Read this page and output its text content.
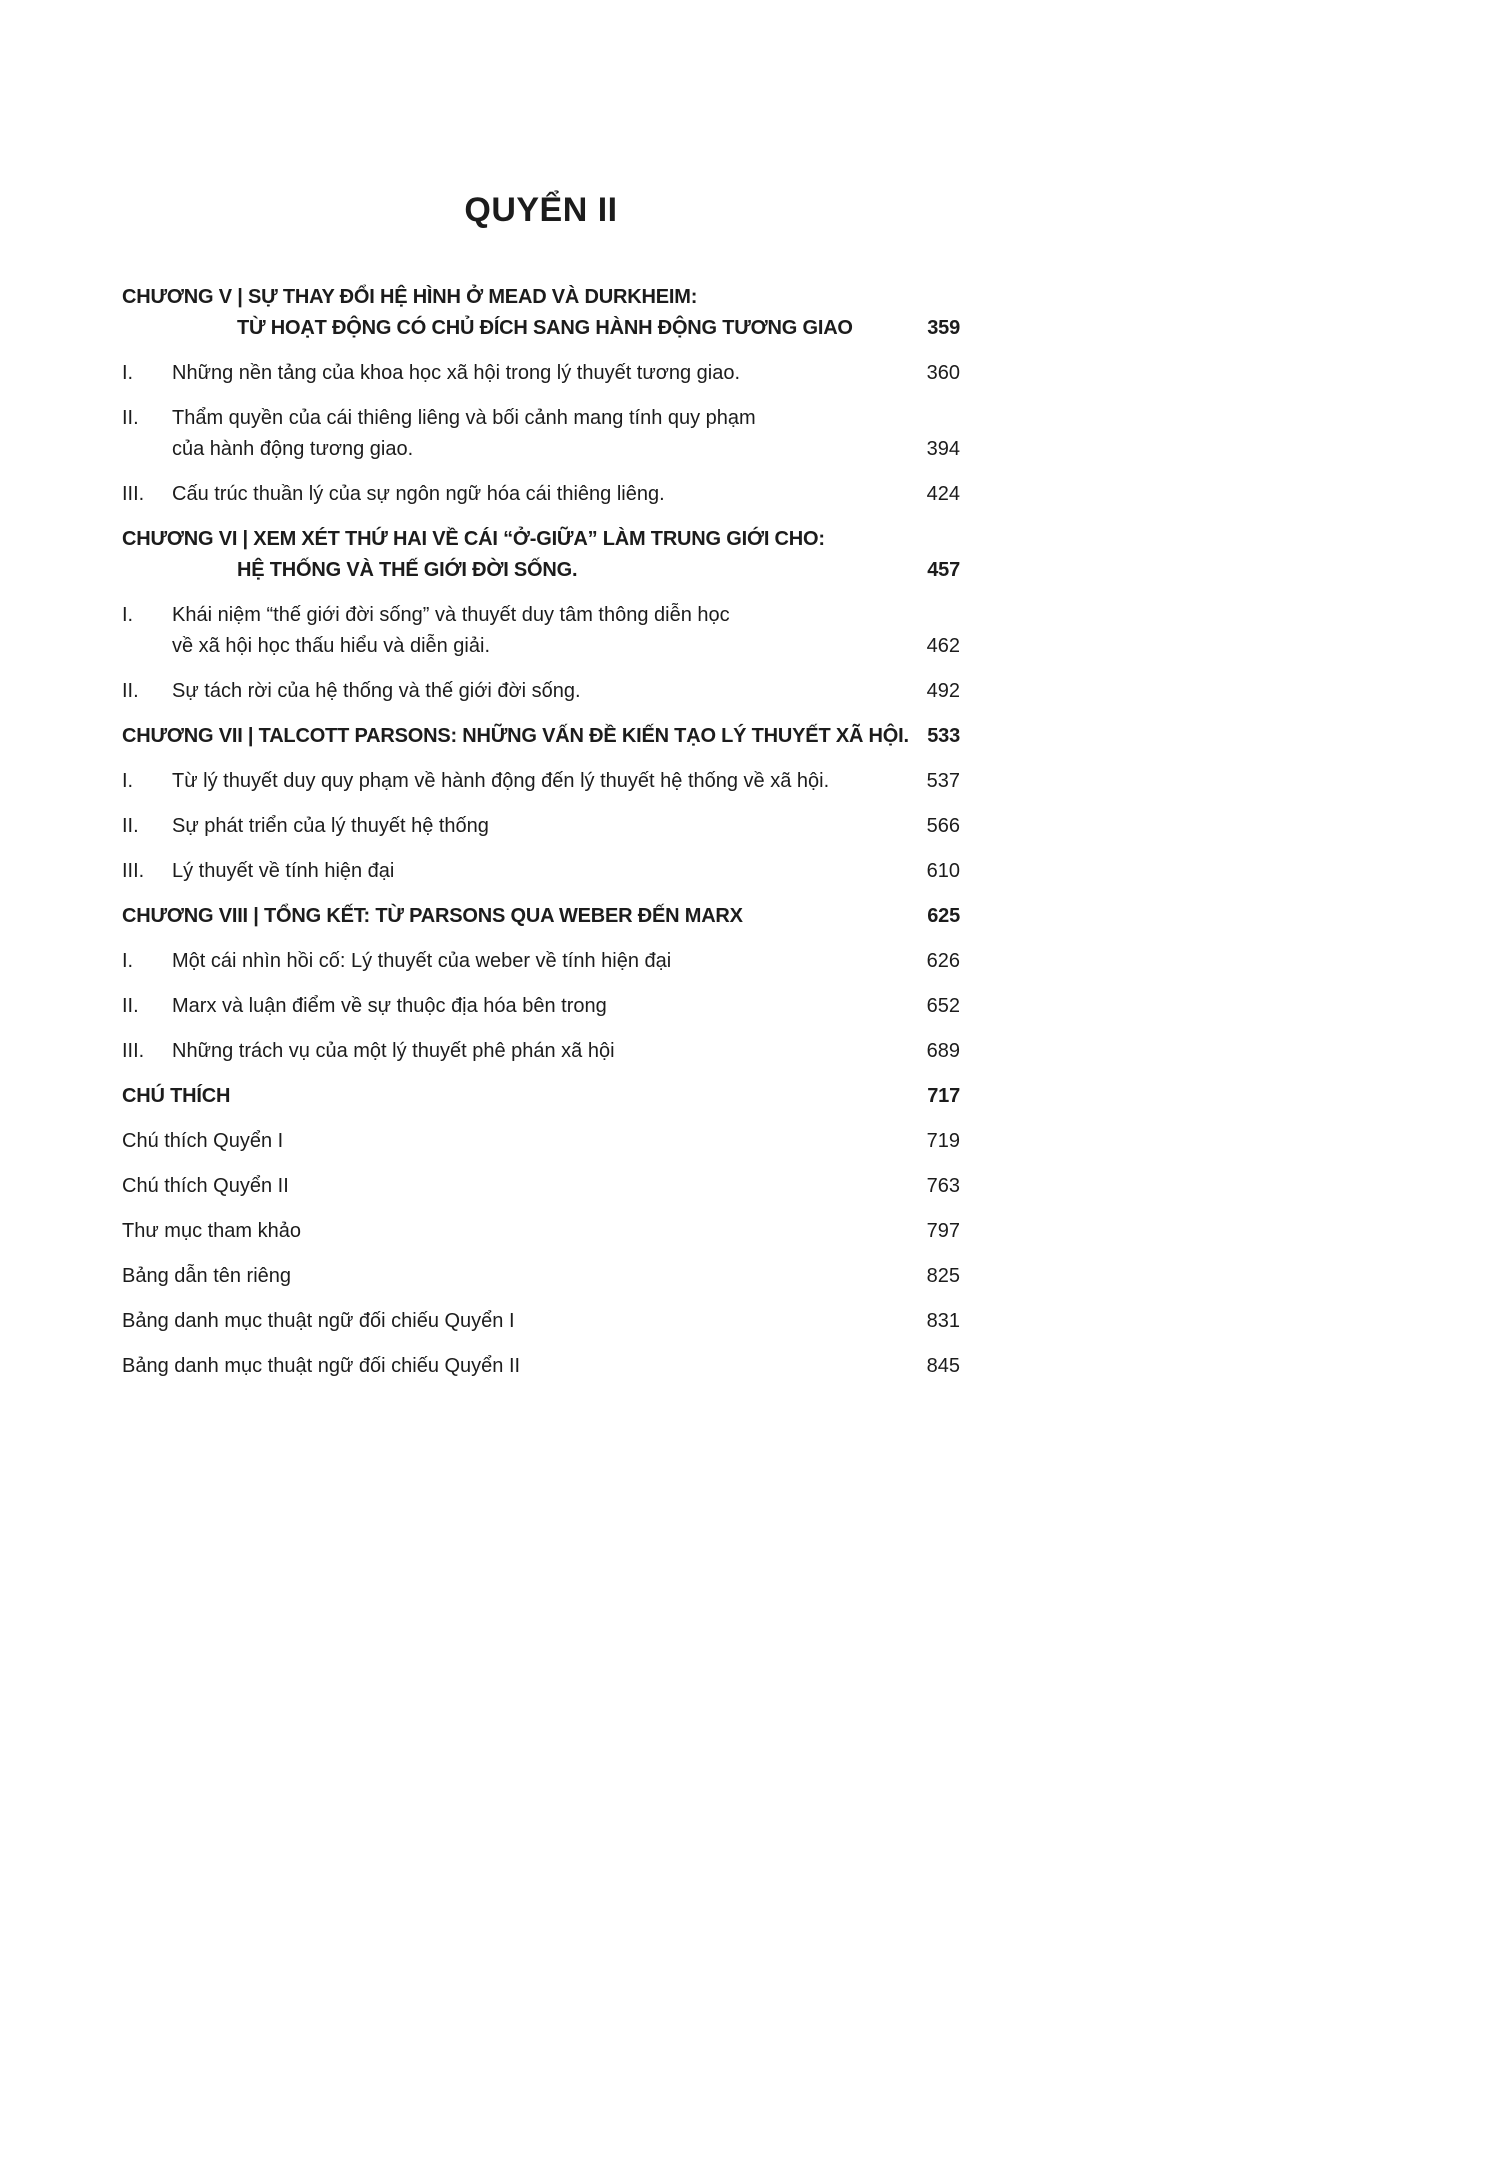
QUYỂN II
CHƯƠNG V | SỰ THAY ĐỔI HỆ HÌNH Ở MEAD VÀ DURKHEIM:
TỪ HOẠT ĐỘNG CÓ CHỦ ĐÍCH SANG HÀNH ĐỘNG TƯƠNG GIAO	359
I.	Những nền tảng của khoa học xã hội trong lý thuyết tương giao.	360
II.	Thẩm quyền của cái thiêng liêng và bối cảnh mang tính quy phạm
của hành động tương giao.	394
III.	Cấu trúc thuần lý của sự ngôn ngữ hóa cái thiêng liêng.	424
CHƯƠNG VI | XEM XÉT THỨ HAI VỀ CÁI “Ở-GIỮA” LÀM TRUNG GIỚI CHO:
HỆ THỐNG VÀ THẾ GIỚI ĐỜI SỐNG.	457
I.	Khái niệm “thế giới đời sống” và thuyết duy tâm thông diễn học
về xã hội học thấu hiểu và diễn giải.	462
II.	Sự tách rời của hệ thống và thế giới đời sống.	492
CHƯƠNG VII | TALCOTT PARSONS: NHỮNG VẤN ĐỀ KIẾN TẠO LÝ THUYẾT XÃ HỘI. 533
I.	Từ lý thuyết duy quy phạm về hành động đến lý thuyết hệ thống về xã hội.	537
II.	Sự phát triển của lý thuyết hệ thống	566
III.	Lý thuyết về tính hiện đại	610
CHƯƠNG VIII | TỔNG KẾT: TỪ PARSONS QUA WEBER ĐẾN MARX	625
I.	Một cái nhìn hồi cố: Lý thuyết của weber về tính hiện đại	626
II.	Marx và luận điểm về sự thuộc địa hóa bên trong	652
III.	Những trách vụ của một lý thuyết phê phán xã hội	689
CHÚ THÍCH	717
Chú thích Quyển I	719
Chú thích Quyển II	763
Thư mục tham khảo	797
Bảng dẫn tên riêng	825
Bảng danh mục thuật ngữ đối chiếu Quyển I	831
Bảng danh mục thuật ngữ đối chiếu Quyển II	845
